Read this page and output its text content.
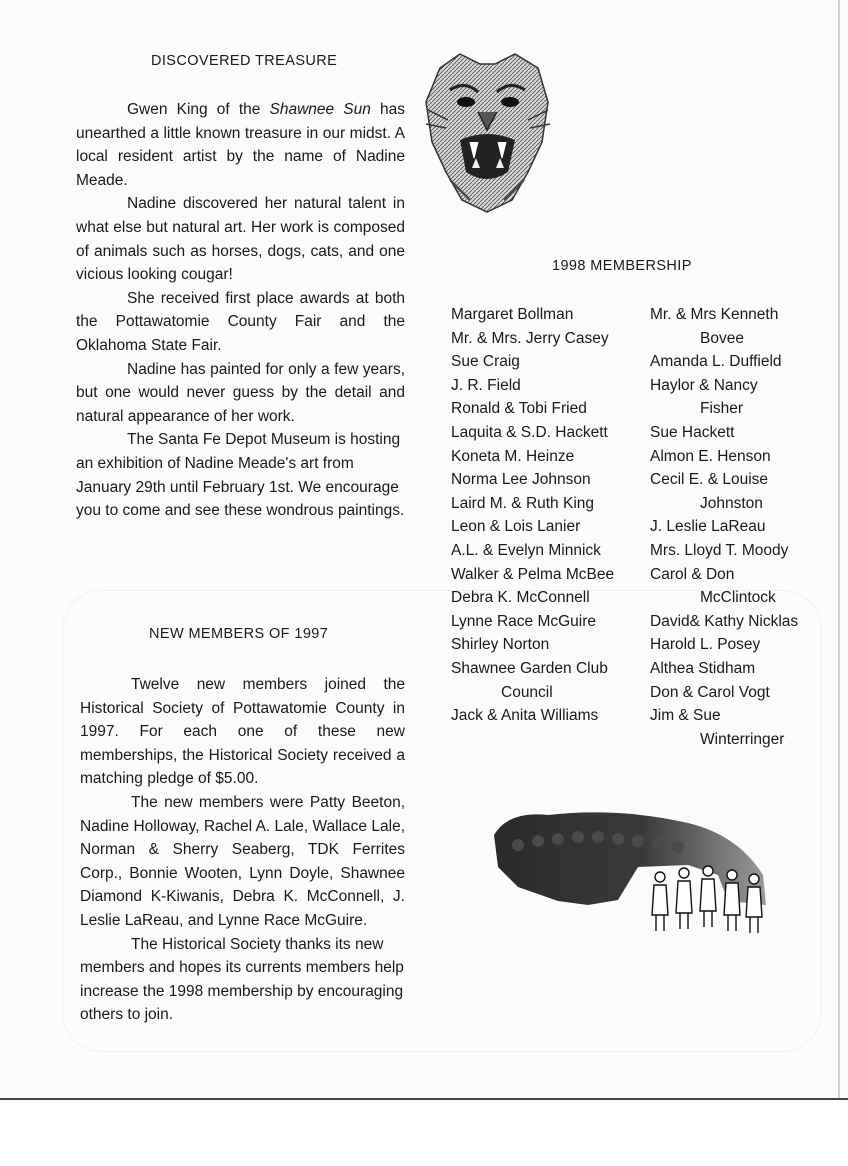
DISCOVERED TREASURE

Gwen King of the Shawnee Sun has unearthed a little known treasure in our midst. A local resident artist by the name of Nadine Meade.

Nadine discovered her natural talent in what else but natural art. Her work is composed of animals such as horses, dogs, cats, and one vicious looking cougar!

She received first place awards at both the Pottawatomie County Fair and the Oklahoma State Fair.

Nadine has painted for only a few years, but one would never guess by the detail and natural appearance of her work.

The Santa Fe Depot Museum is hosting an exhibition of Nadine Meade's art from January 29th until February 1st. We encourage you to come and see these wondrous paintings.

NEW MEMBERS OF 1997

Twelve new members joined the Historical Society of Pottawatomie County in 1997. For each one of these new memberships, the Historical Society received a matching pledge of $5.00.

The new members were Patty Beeton, Nadine Holloway, Rachel A. Lale, Wallace Lale, Norman & Sherry Seaberg, TDK Ferrites Corp., Bonnie Wooten, Lynn Doyle, Shawnee Diamond K-Kiwanis, Debra K. McConnell, J. Leslie LaReau, and Lynne Race McGuire.

The Historical Society thanks its new members and hopes its currents members help increase the 1998 membership by encouraging others to join.

1998 MEMBERSHIP
Margaret Bollman
Mr. & Mrs. Jerry Casey
Sue Craig
J. R. Field
Ronald & Tobi Fried
Laquita & S.D. Hackett
Koneta M. Heinze
Norma Lee Johnson
Laird M. & Ruth King
Leon & Lois Lanier
A.L. & Evelyn Minnick
Walker & Pelma McBee
Debra K. McConnell
Lynne Race McGuire
Shirley Norton
Shawnee Garden Club
Council
Jack & Anita Williams
Mr. & Mrs Kenneth
Bovee
Amanda L. Duffield
Haylor & Nancy
Fisher
Sue Hackett
Almon E. Henson
Cecil E. & Louise
Johnston
J. Leslie LaReau
Mrs. Lloyd T. Moody
Carol & Don
McClintock
David& Kathy Nicklas
Harold L. Posey
Althea Stidham
Don & Carol Vogt
Jim & Sue
Winterringer
